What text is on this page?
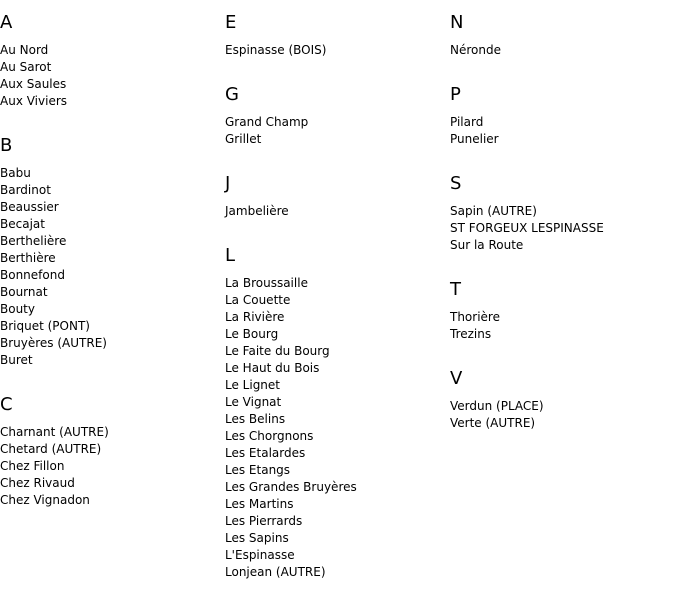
A
Au Nord
Au Sarot
Aux Saules
Aux Viviers
B
Babu
Bardinot
Beaussier
Becajat
Berthelière
Berthière
Bonnefond
Bournat
Bouty
Briquet (PONT)
Bruyères (AUTRE)
Buret
C
Charnant (AUTRE)
Chetard (AUTRE)
Chez Fillon
Chez Rivaud
Chez Vignadon
E
Espinasse (BOIS)
G
Grand Champ
Grillet
J
Jambelière
L
La Broussaille
La Couette
La Rivière
Le Bourg
Le Faite du Bourg
Le Haut du Bois
Le Lignet
Le Vignat
Les Belins
Les Chorgnons
Les Etalardes
Les Etangs
Les Grandes Bruyères
Les Martins
Les Pierrards
Les Sapins
L'Espinasse
Lonjean (AUTRE)
N
Néronde
P
Pilard
Punelier
S
Sapin (AUTRE)
ST FORGEUX LESPINASSE
Sur la Route
T
Thorière
Trezins
V
Verdun (PLACE)
Verte (AUTRE)
